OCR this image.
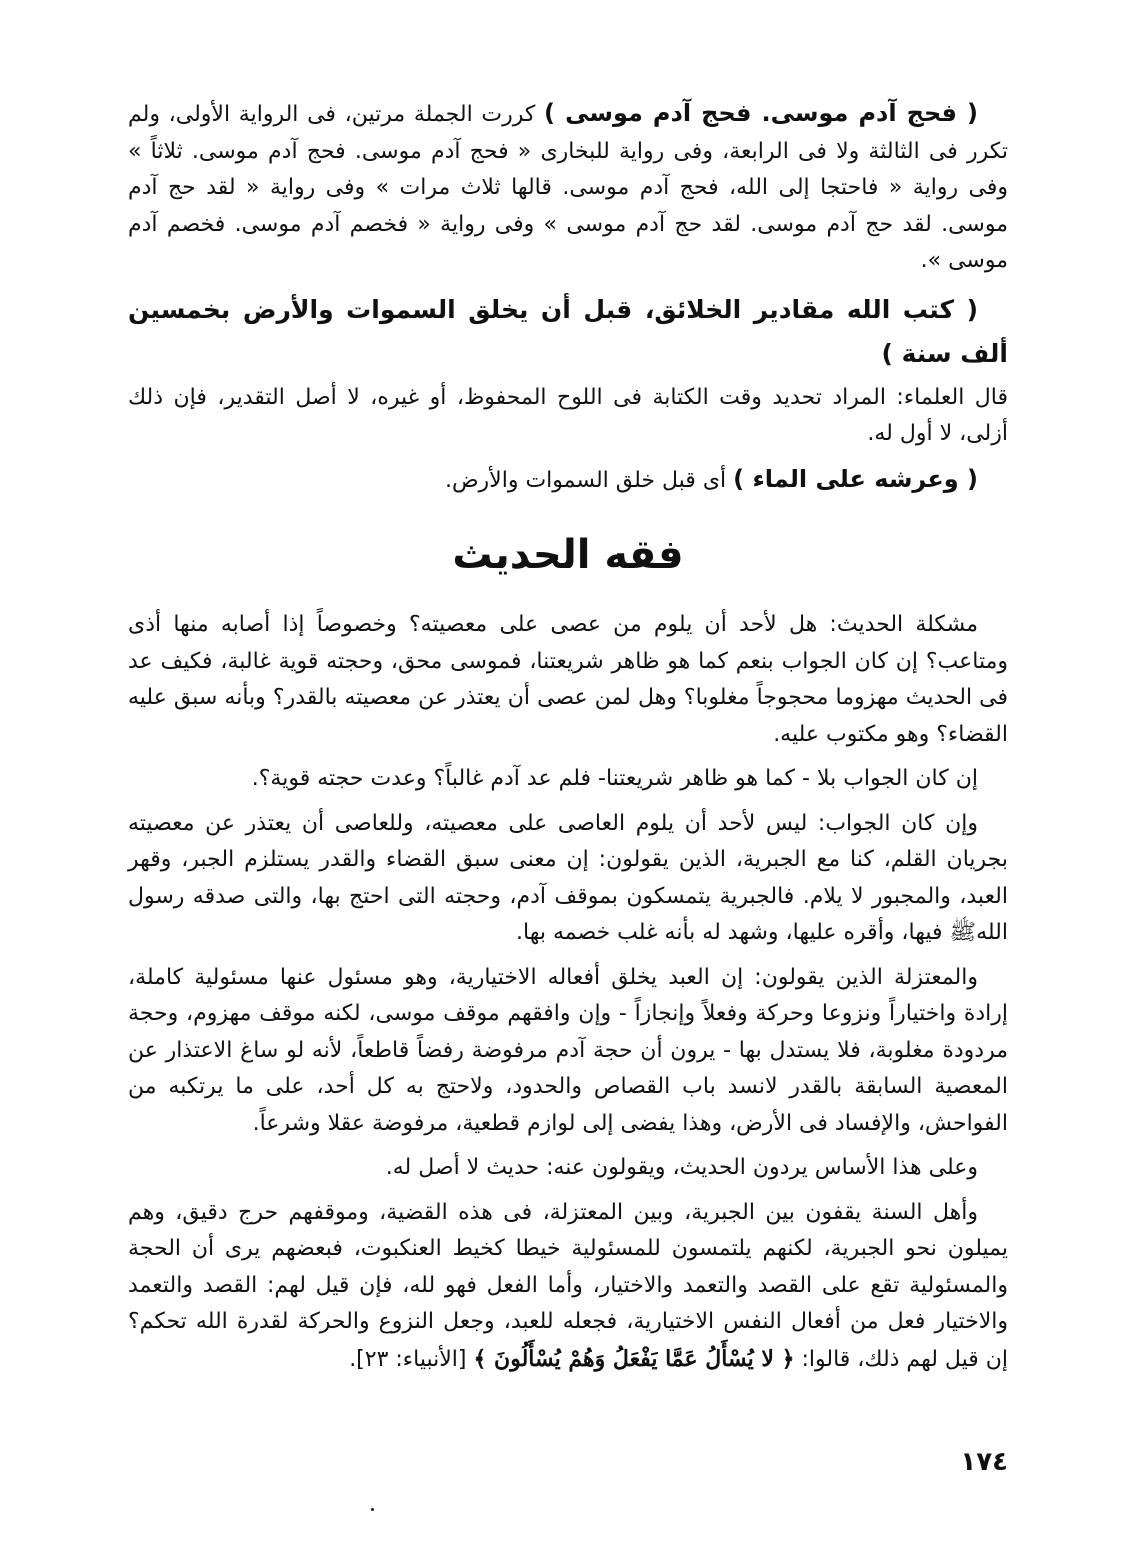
( فحج آدم موسى. فحج آدم موسى ) كررت الجملة مرتين، فى الرواية الأولى، ولم تكرر فى الثالثة ولا فى الرابعة، وفى رواية للبخارى « فحج آدم موسى. فحج آدم موسى. ثلاثاً » وفى رواية « فاحتجا إلى الله، فحج آدم موسى. قالها ثلاث مرات » وفى رواية « لقد حج آدم موسى. لقد حج آدم موسى. لقد حج آدم موسى » وفى رواية « فخصم آدم موسى. فخصم آدم موسى ».

( كتب الله مقادير الخلائق، قبل أن يخلق السموات والأرض بخمسين ألف سنة )

قال العلماء: المراد تحديد وقت الكتابة فى اللوح المحفوظ، أو غيره، لا أصل التقدير، فإن ذلك أزلى، لا أول له.

( وعرشه على الماء ) أى قبل خلق السموات والأرض.

فقه الحديث

مشكلة الحديث: هل لأحد أن يلوم من عصى على معصيته؟ وخصوصاً إذا أصابه منها أذى ومتاعب؟ إن كان الجواب بنعم كما هو ظاهر شريعتنا، فموسى محق، وحجته قوية غالبة، فكيف عد فى الحديث مهزوما محجوجاً مغلوبا؟ وهل لمن عصى أن يعتذر عن معصيته بالقدر؟ وبأنه سبق عليه القضاء؟ وهو مكتوب عليه.

إن كان الجواب بلا - كما هو ظاهر شريعتنا- فلم عد آدم غالباً؟ وعدت حجته قوية؟.

وإن كان الجواب: ليس لأحد أن يلوم العاصى على معصيته، وللعاصى أن يعتذر عن معصيته بجريان القلم، كنا مع الجبرية، الذين يقولون: إن معنى سبق القضاء والقدر يستلزم الجبر، وقهر العبد، والمجبور لا يلام. فالجبرية يتمسكون بموقف آدم، وحجته التى احتج بها، والتى صدقه رسول اللهﷺ فيها، وأقره عليها، وشهد له بأنه غلب خصمه بها.

والمعتزلة الذين يقولون: إن العبد يخلق أفعاله الاختيارية، وهو مسئول عنها مسئولية كاملة، إرادة واختياراً ونزوعا وحركة وفعلاً وإنجازاً - وإن وافقهم موقف موسى، لكنه موقف مهزوم، وحجة مردودة مغلوبة، فلا يستدل بها - يرون أن حجة آدم مرفوضة رفضاً قاطعاً، لأنه لو ساغ الاعتذار عن المعصية السابقة بالقدر لانسد باب القصاص والحدود، ولاحتج به كل أحد، على ما يرتكبه من الفواحش، والإفساد فى الأرض، وهذا يفضى إلى لوازم قطعية، مرفوضة عقلا وشرعاً.

وعلى هذا الأساس يردون الحديث، ويقولون عنه: حديث لا أصل له.

وأهل السنة يقفون بين الجبرية، وبين المعتزلة، فى هذه القضية، وموقفهم حرج دقيق، وهم يميلون نحو الجبرية، لكنهم يلتمسون للمسئولية خيطا كخيط العنكبوت، فبعضهم يرى أن الحجة والمسئولية تقع على القصد والتعمد والاختيار، وأما الفعل فهو لله، فإن قيل لهم: القصد والتعمد والاختيار فعل من أفعال النفس الاختيارية، فجعله للعبد، وجعل النزوع والحركة لقدرة الله تحكم؟ إن قيل لهم ذلك، قالوا: ﴿ لا يُسْأَلُ عَمَّا يَفْعَلُ وَهُمْ يُسْأَلُونَ ﴾ [الأنبياء: ٢٣].

١٧٤
